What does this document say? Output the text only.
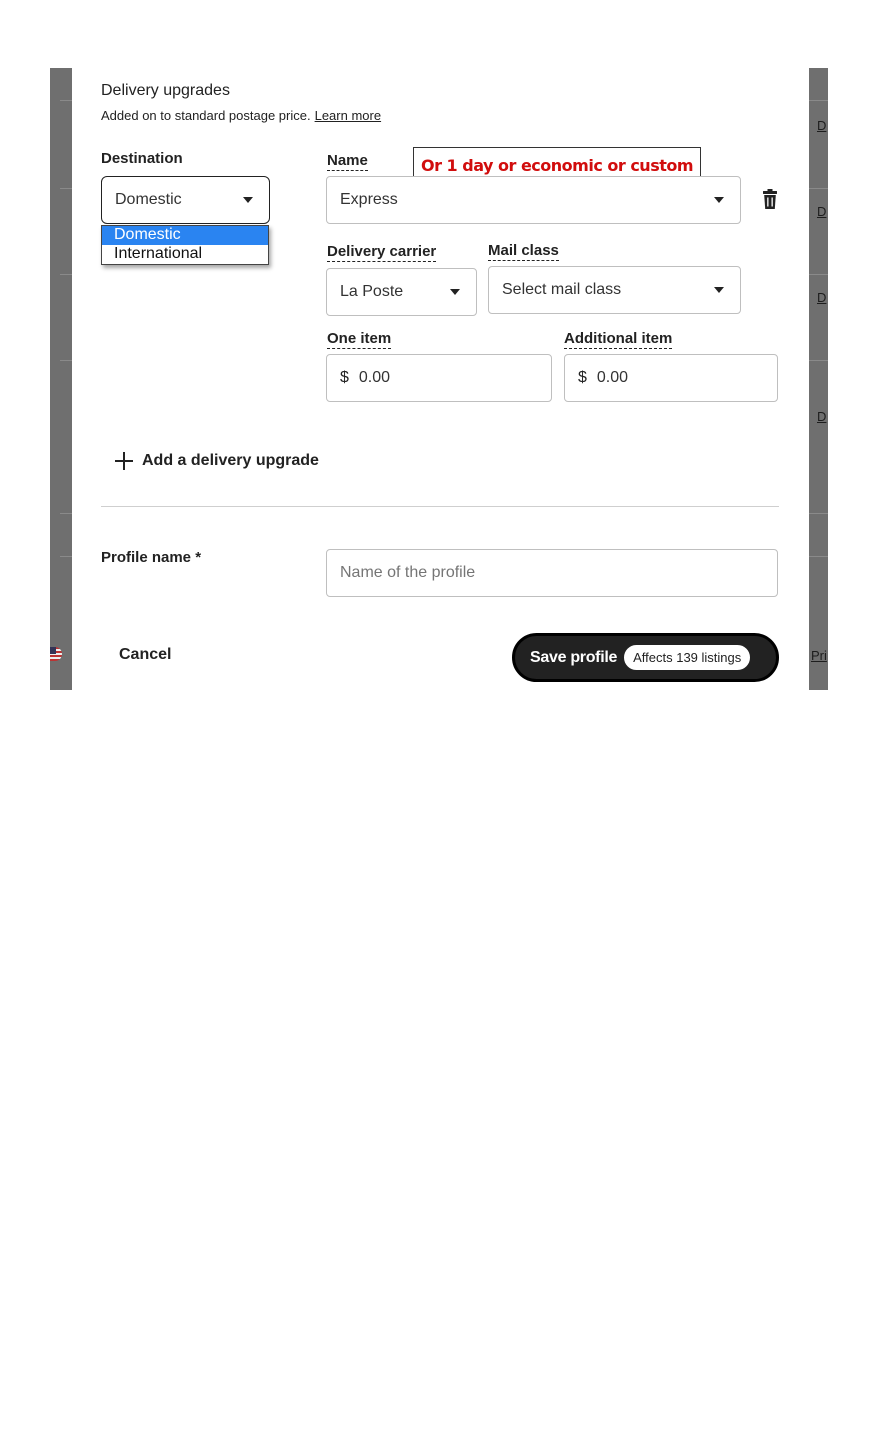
D
D
D
D
Pri
Delivery upgrades
Added on to standard postage price. Learn more
Destination
Domestic
Domestic
International
Name	Or 1 day or economic or custom
Express
Delivery carrier
La Poste
Mail class
Select mail class
One item
$ 0.00
Additional item
$ 0.00
Add a delivery upgrade
Profile name *
Name of the profile
Cancel	Save profile	Affects 139 listings
